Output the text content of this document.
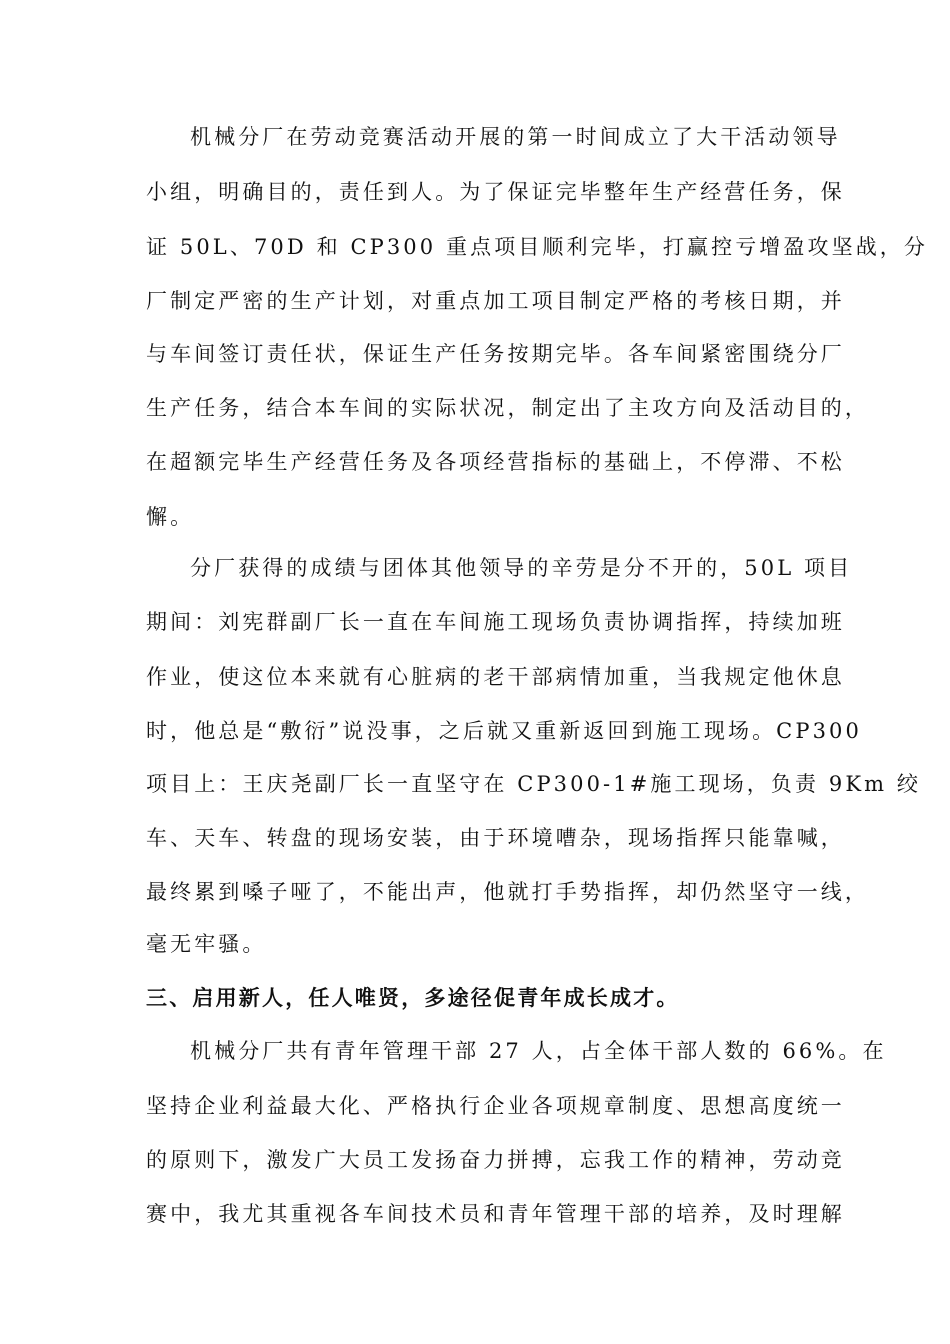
机械分厂在劳动竞赛活动开展的第一时间成立了大干活动领导
小组，明确目的，责任到人。为了保证完毕整年生产经营任务，保
证 50L、70D 和 CP300 重点项目顺利完毕，打赢控亏增盈攻坚战，分
厂制定严密的生产计划，对重点加工项目制定严格的考核日期，并
与车间签订责任状，保证生产任务按期完毕。各车间紧密围绕分厂
生产任务，结合本车间的实际状况，制定出了主攻方向及活动目的，
在超额完毕生产经营任务及各项经营指标的基础上，不停滞、不松
懈。
分厂获得的成绩与团体其他领导的辛劳是分不开的，50L 项目
期间：刘宪群副厂长一直在车间施工现场负责协调指挥，持续加班
作业，使这位本来就有心脏病的老干部病情加重，当我规定他休息
时，他总是“敷衍”说没事，之后就又重新返回到施工现场。CP300
项目上：王庆尧副厂长一直坚守在 CP300-1#施工现场，负责 9Km 绞
车、天车、转盘的现场安装，由于环境嘈杂，现场指挥只能靠喊，
最终累到嗓子哑了，不能出声，他就打手势指挥，却仍然坚守一线，
毫无牢骚。
三、启用新人，任人唯贤，多途径促青年成长成才。
机械分厂共有青年管理干部 27 人，占全体干部人数的 66%。在
坚持企业利益最大化、严格执行企业各项规章制度、思想高度统一
的原则下，激发广大员工发扬奋力拼搏，忘我工作的精神，劳动竞
赛中，我尤其重视各车间技术员和青年管理干部的培养，及时理解
